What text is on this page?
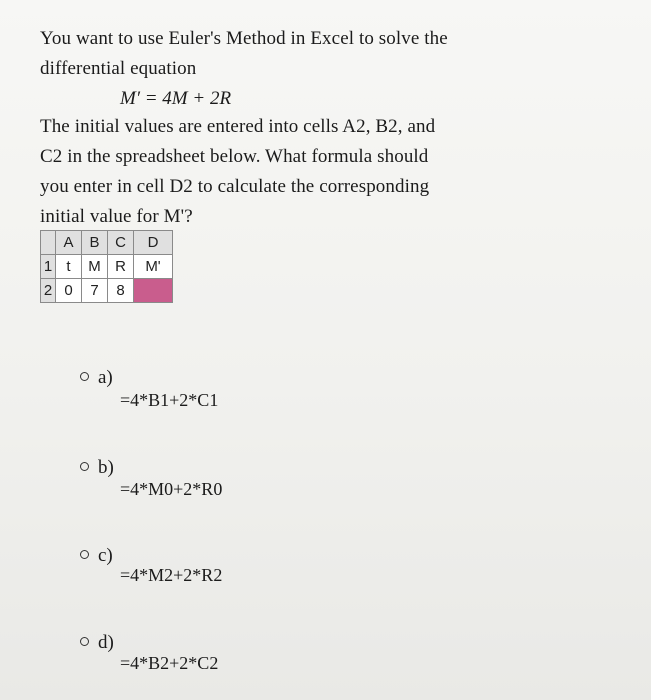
You want to use Euler's Method in Excel to solve the
differential equation
M′ = 4M + 2R
The initial values are entered into cells A2, B2, and
C2 in the spreadsheet below. What formula should
you enter in cell D2 to calculate the corresponding
initial value for M'?
	A	B	C	D
1	t	M	R	M'
2	0	7	8	
a)
=4*B1+2*C1
b)
=4*M0+2*R0
c)
=4*M2+2*R2
d)
=4*B2+2*C2
